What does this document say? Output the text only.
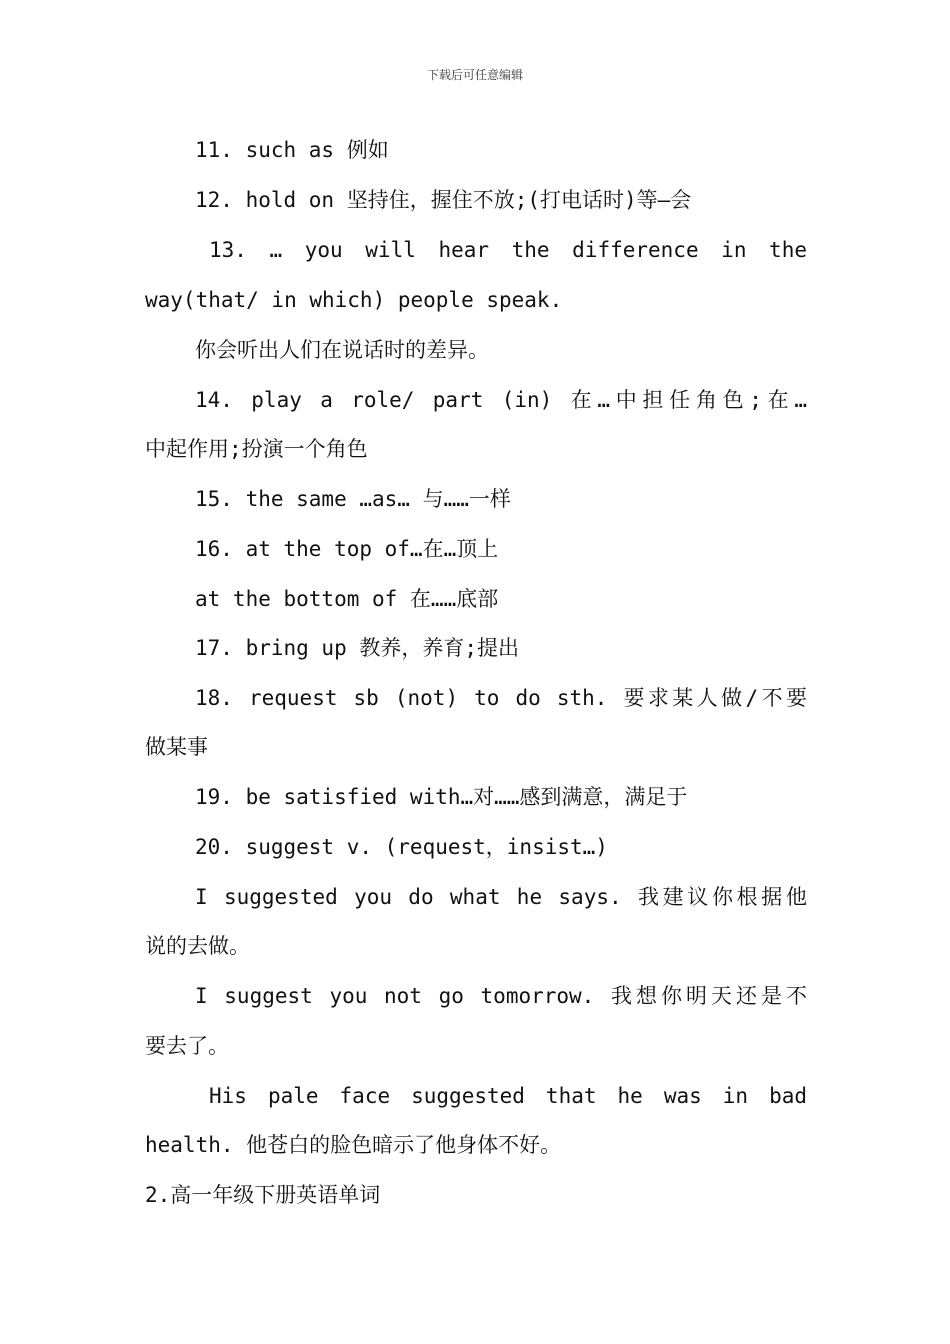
下载后可任意编辑
11. such as 例如
12. hold on 坚持住，握住不放;(打电话时)等—会
13. … you will hear the difference in the
way(that/ in which) people speak.
你会听出人们在说话时的差异。
14. play a role/ part (in) 在…中担任角色;在…
中起作用;扮演一个角色
15. the same …as… 与……一样
16. at the top of…在…顶上
at the bottom of 在……底部
17. bring up 教养，养育;提出
18. request sb (not) to do sth. 要求某人做/不要
做某事
19. be satisfied with…对……感到满意，满足于
20. suggest v. (request，insist…)
I suggested you do what he says. 我建议你根据他
说的去做。
I suggest you not go tomorrow. 我想你明天还是不
要去了。
His pale face suggested that he was in bad
health. 他苍白的脸色暗示了他身体不好。
2.高一年级下册英语单词
